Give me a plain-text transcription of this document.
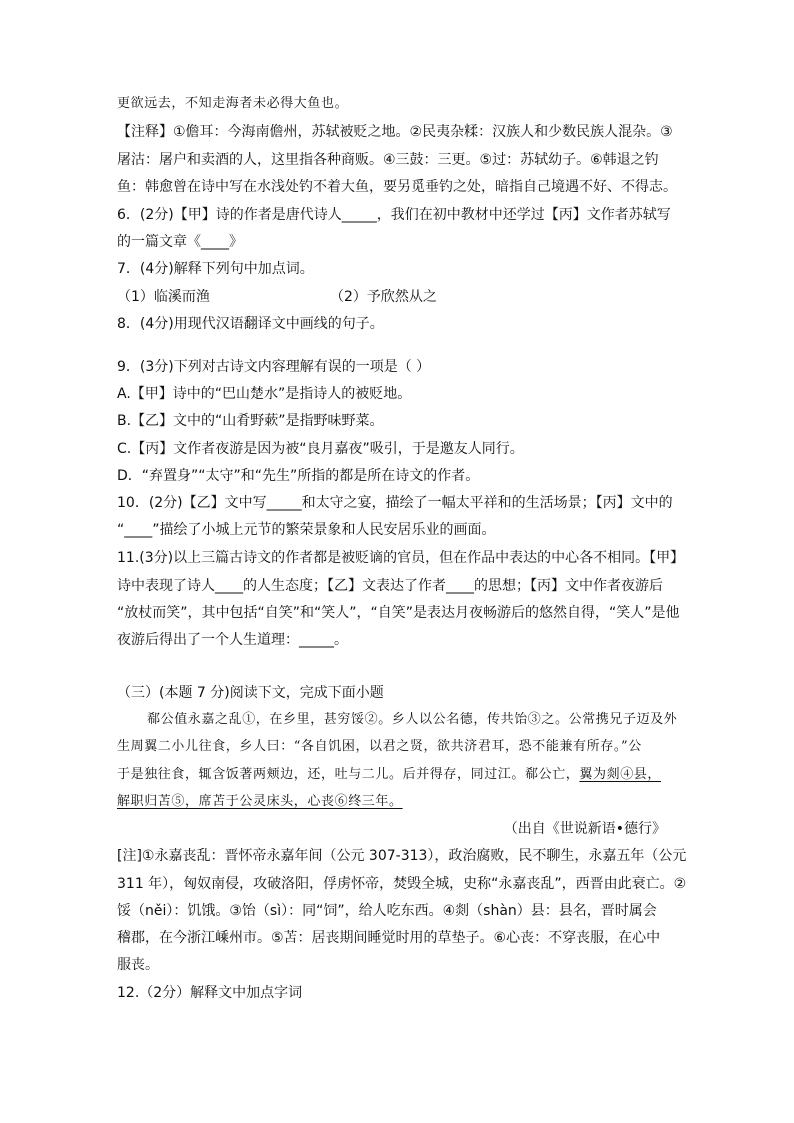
更欲远去，不知走海者未必得大鱼也。
【注释】①儋耳：今海南儋州，苏轼被贬之地。②民夷杂糅：汉族人和少数民族人混杂。③
屠沽：屠户和卖酒的人，这里指各种商贩。④三鼓：三更。⑤过：苏轼幼子。⑥韩退之钓
鱼：韩愈曾在诗中写在水浅处钓不着大鱼，要另觅垂钓之处，暗指自己境遇不好、不得志。
6．(2分)【甲】诗的作者是唐代诗人_____，我们在初中教材中还学过【丙】文作者苏轼写
的一篇文章《____》
7．(4分)解释下列句中加点词。
（1）临溪而渔	（2）予欣然从之
8．(4分)用现代汉语翻译文中画线的句子。
9．(3分)下列对古诗文内容理解有误的一项是（ ）
A.【甲】诗中的“巴山楚水”是指诗人的被贬地。
B.【乙】文中的“山肴野蔌”是指野味野菜。
C.【丙】文作者夜游是因为被“良月嘉夜”吸引，于是邀友人同行。
D．“弃置身”“太守”和“先生”所指的都是所在诗文的作者。
10．(2分)【乙】文中写_____和太守之宴，描绘了一幅太平祥和的生活场景；【丙】文中的
“____”描绘了小城上元节的繁荣景象和人民安居乐业的画面。
11.(3分)以上三篇古诗文的作者都是被贬谪的官员，但在作品中表达的中心各不相同。【甲】
诗中表现了诗人____的人生态度；【乙】文表达了作者____的思想；【丙】文中作者夜游后
“放杖而笑”，其中包括“自笑”和“笑人”，“自笑”是表达月夜畅游后的悠然自得，“笑人”是他
夜游后得出了一个人生道理：_____。
（三）(本题 7 分)阅读下文，完成下面小题
郗公值永嘉之乱①，在乡里，甚穷馁②。乡人以公名德，传共饴③之。公常携兄子迈及外
生周翼二小儿往食，乡人曰：“各自饥困，以君之贤，欲共济君耳，恐不能兼有所存。”公
于是独往食，辄含饭著两颊边，还，吐与二儿。后并得存，同过江。郗公亡，翼为剡④县，
解职归苫⑤，席苫于公灵床头，心丧⑥终三年。
（出自《世说新语•德行》
[注]①永嘉丧乱：晋怀帝永嘉年间（公元 307-313），政治腐败，民不聊生，永嘉五年（公元
311 年），匈奴南侵，攻破洛阳，俘虏怀帝，焚毁全城，史称“永嘉丧乱”，西晋由此衰亡。②
馁（něi）：饥饿。③饴（sì）：同“饲”，给人吃东西。④剡（shàn）县：县名，晋时属会
稽郡，在今浙江嵊州市。⑤苫：居丧期间睡觉时用的草垫子。⑥心丧：不穿丧服，在心中
服丧。
12.（2分）解释文中加点字词
